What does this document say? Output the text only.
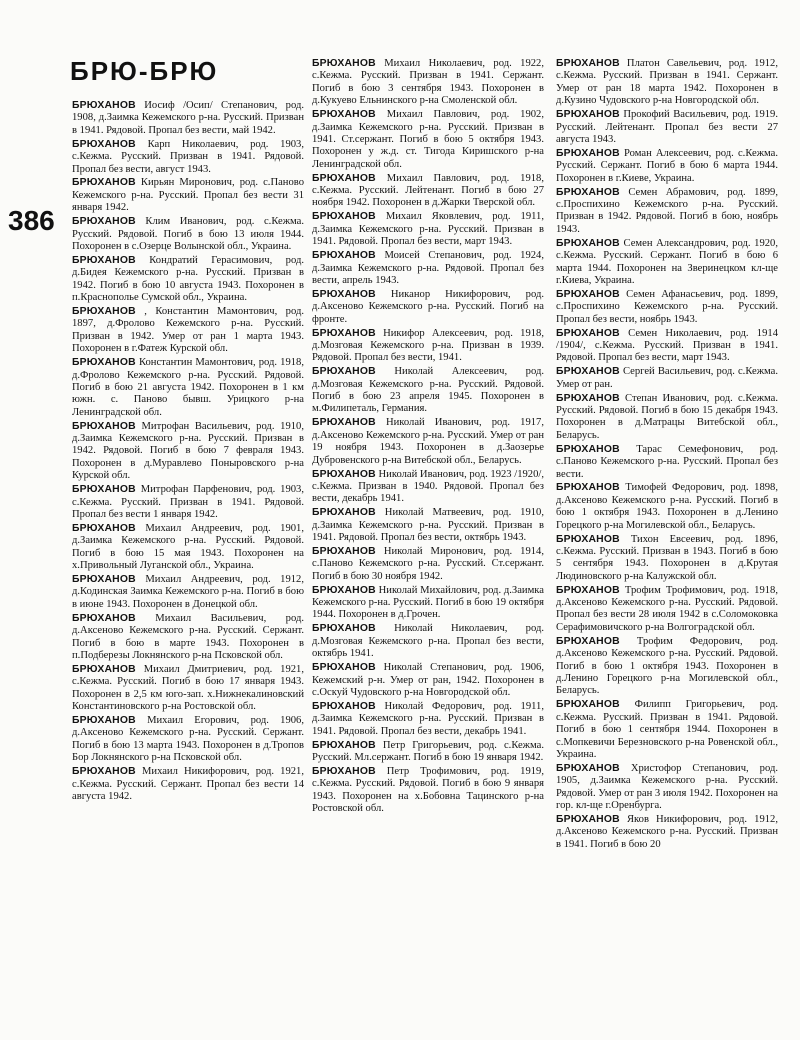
БРЮ-БРЮ
386
БРЮХАНОВ Иосиф /Осип/ Степанович, род. 1908, д.Заимка Кежемского р-на. Русский. Призван в 1941. Рядовой. Пропал без вести, май 1942.
БРЮХАНОВ Карп Николаевич, род. 1903, с.Кежма. Русский. Призван в 1941. Рядовой. Пропал без вести, август 1943.
БРЮХАНОВ Кирьян Миронович, род. с.Паново Кежемского р-на. Русский. Пропал без вести 31 января 1942.
БРЮХАНОВ Клим Иванович, род. с.Кежма. Русский. Рядовой. Погиб в бою 13 июля 1944. Похоронен в с.Озерце Волынской обл., Украина.
БРЮХАНОВ Кондратий Герасимович, род. д.Бидея Кежемского р-на. Русский. Призван в 1942. Погиб в бою 10 августа 1943. Похоронен в п.Краснополье Сумской обл., Украина.
БРЮХАНОВ , Константин Мамонтович, род. 1897, д.Фролово Кежемского р-на. Русский. Призван в 1942. Умер от ран 1 марта 1943. Похоронен в г.Фатеж Курской обл.
БРЮХАНОВ Константин Мамонтович, род. 1918, д.Фролово Кежемского р-на. Русский. Рядовой. Погиб в бою 21 августа 1942. Похоронен в 1 км южн. с. Паново бывш. Урицкого р-на Ленинградской обл.
БРЮХАНОВ Митрофан Васильевич, род. 1910, д.Заимка Кежемского р-на. Русский. Призван в 1942. Рядовой. Погиб в бою 7 февраля 1943. Похоронен в д.Муравлево Поныровского р-на Курской обл.
БРЮХАНОВ Митрофан Парфенович, род. 1903, с.Кежма. Русский. Призван в 1941. Рядовой. Пропал без вести 1 января 1942.
БРЮХАНОВ Михаил Андреевич, род. 1901, д.Заимка Кежемского р-на. Русский. Рядовой. Погиб в бою 15 мая 1943. Похоронен на х.Привольный Луганской обл., Украина.
БРЮХАНОВ Михаил Андреевич, род. 1912, д.Кодинская Заимка Кежемского р-на. Погиб в бою в июне 1943. Похоронен в Донецкой обл.
БРЮХАНОВ Михаил Васильевич, род. д.Аксеново Кежемского р-на. Русский. Сержант. Погиб в бою в марте 1943. Похоронен в п.Подберезы Локнянского р-на Псковской обл.
БРЮХАНОВ Михаил Дмитриевич, род. 1921, с.Кежма. Русский. Погиб в бою 17 января 1943. Похоронен в 2,5 км юго-зап. х.Нижнекалиновский Константиновского р-на Ростовской обл.
БРЮХАНОВ Михаил Егорович, род. 1906, д.Аксеново Кежемского р-на. Русский. Сержант. Погиб в бою 13 марта 1943. Похоронен в д.Тропов Бор Локнянского р-на Псковской обл.
БРЮХАНОВ Михаил Никифорович, род. 1921, с.Кежма. Русский. Сержант. Пропал без вести 14 августа 1942.
БРЮХАНОВ Михаил Николаевич, род. 1922, с.Кежма. Русский. Призван в 1941. Сержант. Погиб в бою 3 сентября 1943. Похоронен в д.Кукуево Ельнинского р-на Смоленской обл.
БРЮХАНОВ Михаил Павлович, род. 1902, д.Заимка Кежемского р-на. Русский. Призван в 1941. Ст.сержант. Погиб в бою 5 октября 1943. Похоронен у ж.д. ст. Тигода Киришского р-на Ленинградской обл.
БРЮХАНОВ Михаил Павлович, род. 1918, с.Кежма. Русский. Лейтенант. Погиб в бою 27 ноября 1942. Похоронен в д.Жарки Тверской обл.
БРЮХАНОВ Михаил Яковлевич, род. 1911, д.Заимка Кежемского р-на. Русский. Призван в 1941. Рядовой. Пропал без вести, март 1943.
БРЮХАНОВ Моисей Степанович, род. 1924, д.Заимка Кежемского р-на. Рядовой. Пропал без вести, апрель 1943.
БРЮХАНОВ Никанор Никифорович, род. д.Аксеново Кежемского р-на. Русский. Погиб на фронте.
БРЮХАНОВ Никифор Алексеевич, род. 1918, д.Мозговая Кежемского р-на. Призван в 1939. Рядовой. Пропал без вести, 1941.
БРЮХАНОВ Николай Алексеевич, род. д.Мозговая Кежемского р-на. Русский. Рядовой. Погиб в бою 23 апреля 1945. Похоронен в м.Филипеталь, Германия.
БРЮХАНОВ Николай Иванович, род. 1917, д.Аксеново Кежемского р-на. Русский. Умер от ран 19 ноября 1943. Похоронен в д.Заозерье Дубровенского р-на Витебской обл., Беларусь.
БРЮХАНОВ Николай Иванович, род. 1923 /1920/, с.Кежма. Призван в 1940. Рядовой. Пропал без вести, декабрь 1941.
БРЮХАНОВ Николай Матвеевич, род. 1910, д.Заимка Кежемского р-на. Русский. Призван в 1941. Рядовой. Пропал без вести, октябрь 1943.
БРЮХАНОВ Николай Миронович, род. 1914, с.Паново Кежемского р-на. Русский. Ст.сержант. Погиб в бою 30 ноября 1942.
БРЮХАНОВ Николай Михайлович, род. д.Заимка Кежемского р-на. Русский. Погиб в бою 19 октября 1944. Похоронен в д.Грочен.
БРЮХАНОВ Николай Николаевич, род. д.Мозговая Кежемского р-на. Пропал без вести, октябрь 1941.
БРЮХАНОВ Николай Степанович, род. 1906, Кежемский р-н. Умер от ран, 1942. Похоронен в с.Оскуй Чудовского р-на Новгородской обл.
БРЮХАНОВ Николай Федорович, род. 1911, д.Заимка Кежемского р-на. Русский. Призван в 1941. Рядовой. Пропал без вести, декабрь 1941.
БРЮХАНОВ Петр Григорьевич, род. с.Кежма. Русский. Мл.сержант. Погиб в бою 19 января 1942.
БРЮХАНОВ Петр Трофимович, род. 1919, с.Кежма. Русский. Рядовой. Погиб в бою 9 января 1943. Похоронен на х.Бобовна Тацинского р-на Ростовской обл.
БРЮХАНОВ Платон Савельевич, род. 1912, с.Кежма. Русский. Призван в 1941. Сержант. Умер от ран 18 марта 1942. Похоронен в д.Кузино Чудовского р-на Новгородской обл.
БРЮХАНОВ Прокофий Васильевич, род. 1919. Русский. Лейтенант. Пропал без вести 27 августа 1943.
БРЮХАНОВ Роман Алексеевич, род. с.Кежма. Русский. Сержант. Погиб в бою 6 марта 1944. Похоронен в г.Киеве, Украина.
БРЮХАНОВ Семен Абрамович, род. 1899, с.Проспихино Кежемского р-на. Русский. Призван в 1942. Рядовой. Погиб в бою, ноябрь 1943.
БРЮХАНОВ Семен Александрович, род. 1920, с.Кежма. Русский. Сержант. Погиб в бою 6 марта 1944. Похоронен на Зверинецком кл-ще г.Киева, Украина.
БРЮХАНОВ Семен Афанасьевич, род. 1899, с.Проспихино Кежемского р-на. Русский. Пропал без вести, ноябрь 1943.
БРЮХАНОВ Семен Николаевич, род. 1914 /1904/, с.Кежма. Русский. Призван в 1941. Рядовой. Пропал без вести, март 1943.
БРЮХАНОВ Сергей Васильевич, род. с.Кежма. Умер от ран.
БРЮХАНОВ Степан Иванович, род. с.Кежма. Русский. Рядовой. Погиб в бою 15 декабря 1943. Похоронен в д.Матрацы Витебской обл., Беларусь.
БРЮХАНОВ Тарас Семефонович, род. с.Паново Кежемского р-на. Русский. Пропал без вести.
БРЮХАНОВ Тимофей Федорович, род. 1898, д.Аксеново Кежемского р-на. Русский. Погиб в бою 1 октября 1943. Похоронен в д.Ленино Горецкого р-на Могилевской обл., Беларусь.
БРЮХАНОВ Тихон Евсеевич, род. 1896, с.Кежма. Русский. Призван в 1943. Погиб в бою 5 сентября 1943. Похоронен в д.Крутая Людиновского р-на Калужской обл.
БРЮХАНОВ Трофим Трофимович, род. 1918, д.Аксеново Кежемского р-на. Русский. Рядовой. Пропал без вести 28 июля 1942 в с.Соломоковка Серафимовичского р-на Волгоградской обл.
БРЮХАНОВ Трофим Федорович, род. д.Аксеново Кежемского р-на. Русский. Рядовой. Погиб в бою 1 октября 1943. Похоронен в д.Ленино Горецкого р-на Могилевской обл., Беларусь.
БРЮХАНОВ Филипп Григорьевич, род. с.Кежма. Русский. Призван в 1941. Рядовой. Погиб в бою 1 сентября 1944. Похоронен в с.Мопкевичи Березновского р-на Ровенской обл., Украина.
БРЮХАНОВ Христофор Степанович, род. 1905, д.Заимка Кежемского р-на. Русский. Рядовой. Умер от ран 3 июля 1942. Похоронен на гор. кл-ще г.Оренбурга.
БРЮХАНОВ Яков Никифорович, род. 1912, д.Аксеново Кежемского р-на. Русский. Призван в 1941. Погиб в бою 20
